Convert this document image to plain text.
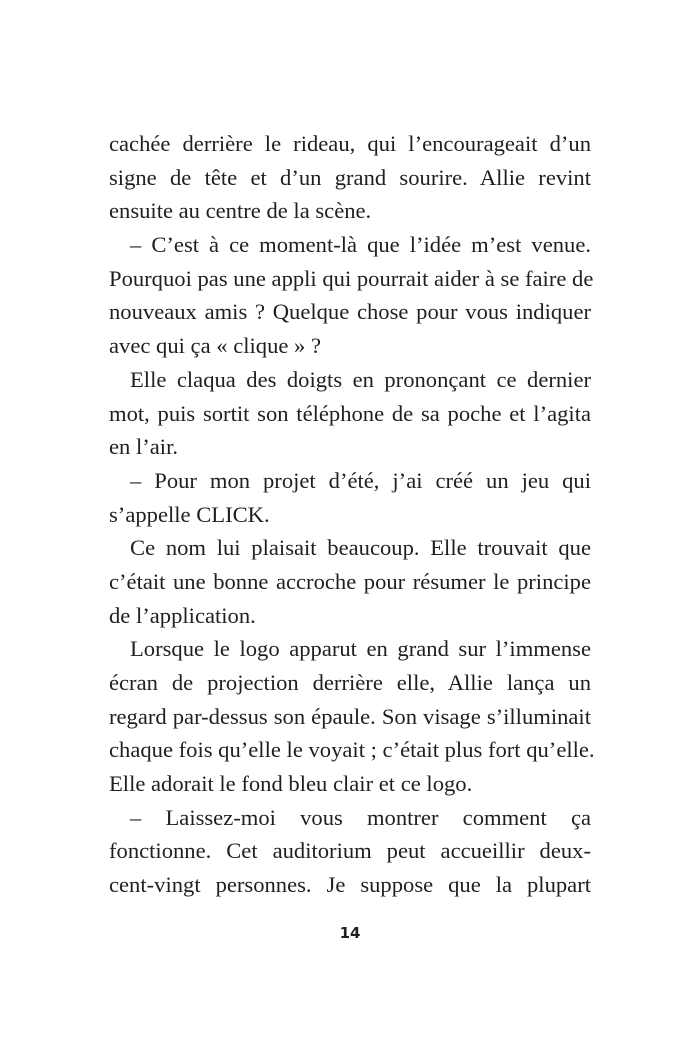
cachée derrière le rideau, qui l’encourageait d’un
signe de tête et d’un grand sourire. Allie revint
ensuite au centre de la scène.
– C’est à ce moment-là que l’idée m’est venue.
Pourquoi pas une appli qui pourrait aider à se faire de
nouveaux amis ? Quelque chose pour vous indiquer
avec qui ça « clique » ?
Elle claqua des doigts en prononçant ce dernier
mot, puis sortit son téléphone de sa poche et l’agita
en l’air.
– Pour mon projet d’été, j’ai créé un jeu qui
s’appelle CLICK.
Ce nom lui plaisait beaucoup. Elle trouvait que
c’était une bonne accroche pour résumer le principe
de l’application.
Lorsque le logo apparut en grand sur l’immense
écran de projection derrière elle, Allie lança un
regard par-dessus son épaule. Son visage s’illuminait
chaque fois qu’elle le voyait ; c’était plus fort qu’elle.
Elle adorait le fond bleu clair et ce logo.
– Laissez-moi vous montrer comment ça
fonctionne. Cet auditorium peut accueillir deux-
cent-vingt personnes. Je suppose que la plupart
14
